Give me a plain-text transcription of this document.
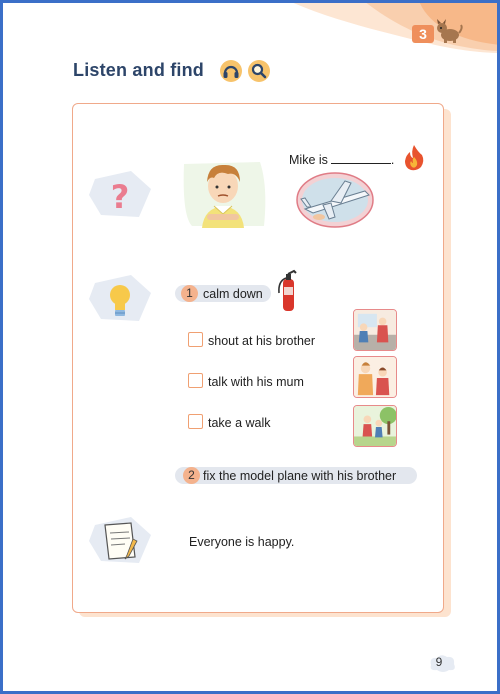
3
Listen and find
?
Mike is	.
1 calm down
shout at his brother
talk with his mum
take a walk
2 fix the model plane with his brother
Everyone is happy.
9
